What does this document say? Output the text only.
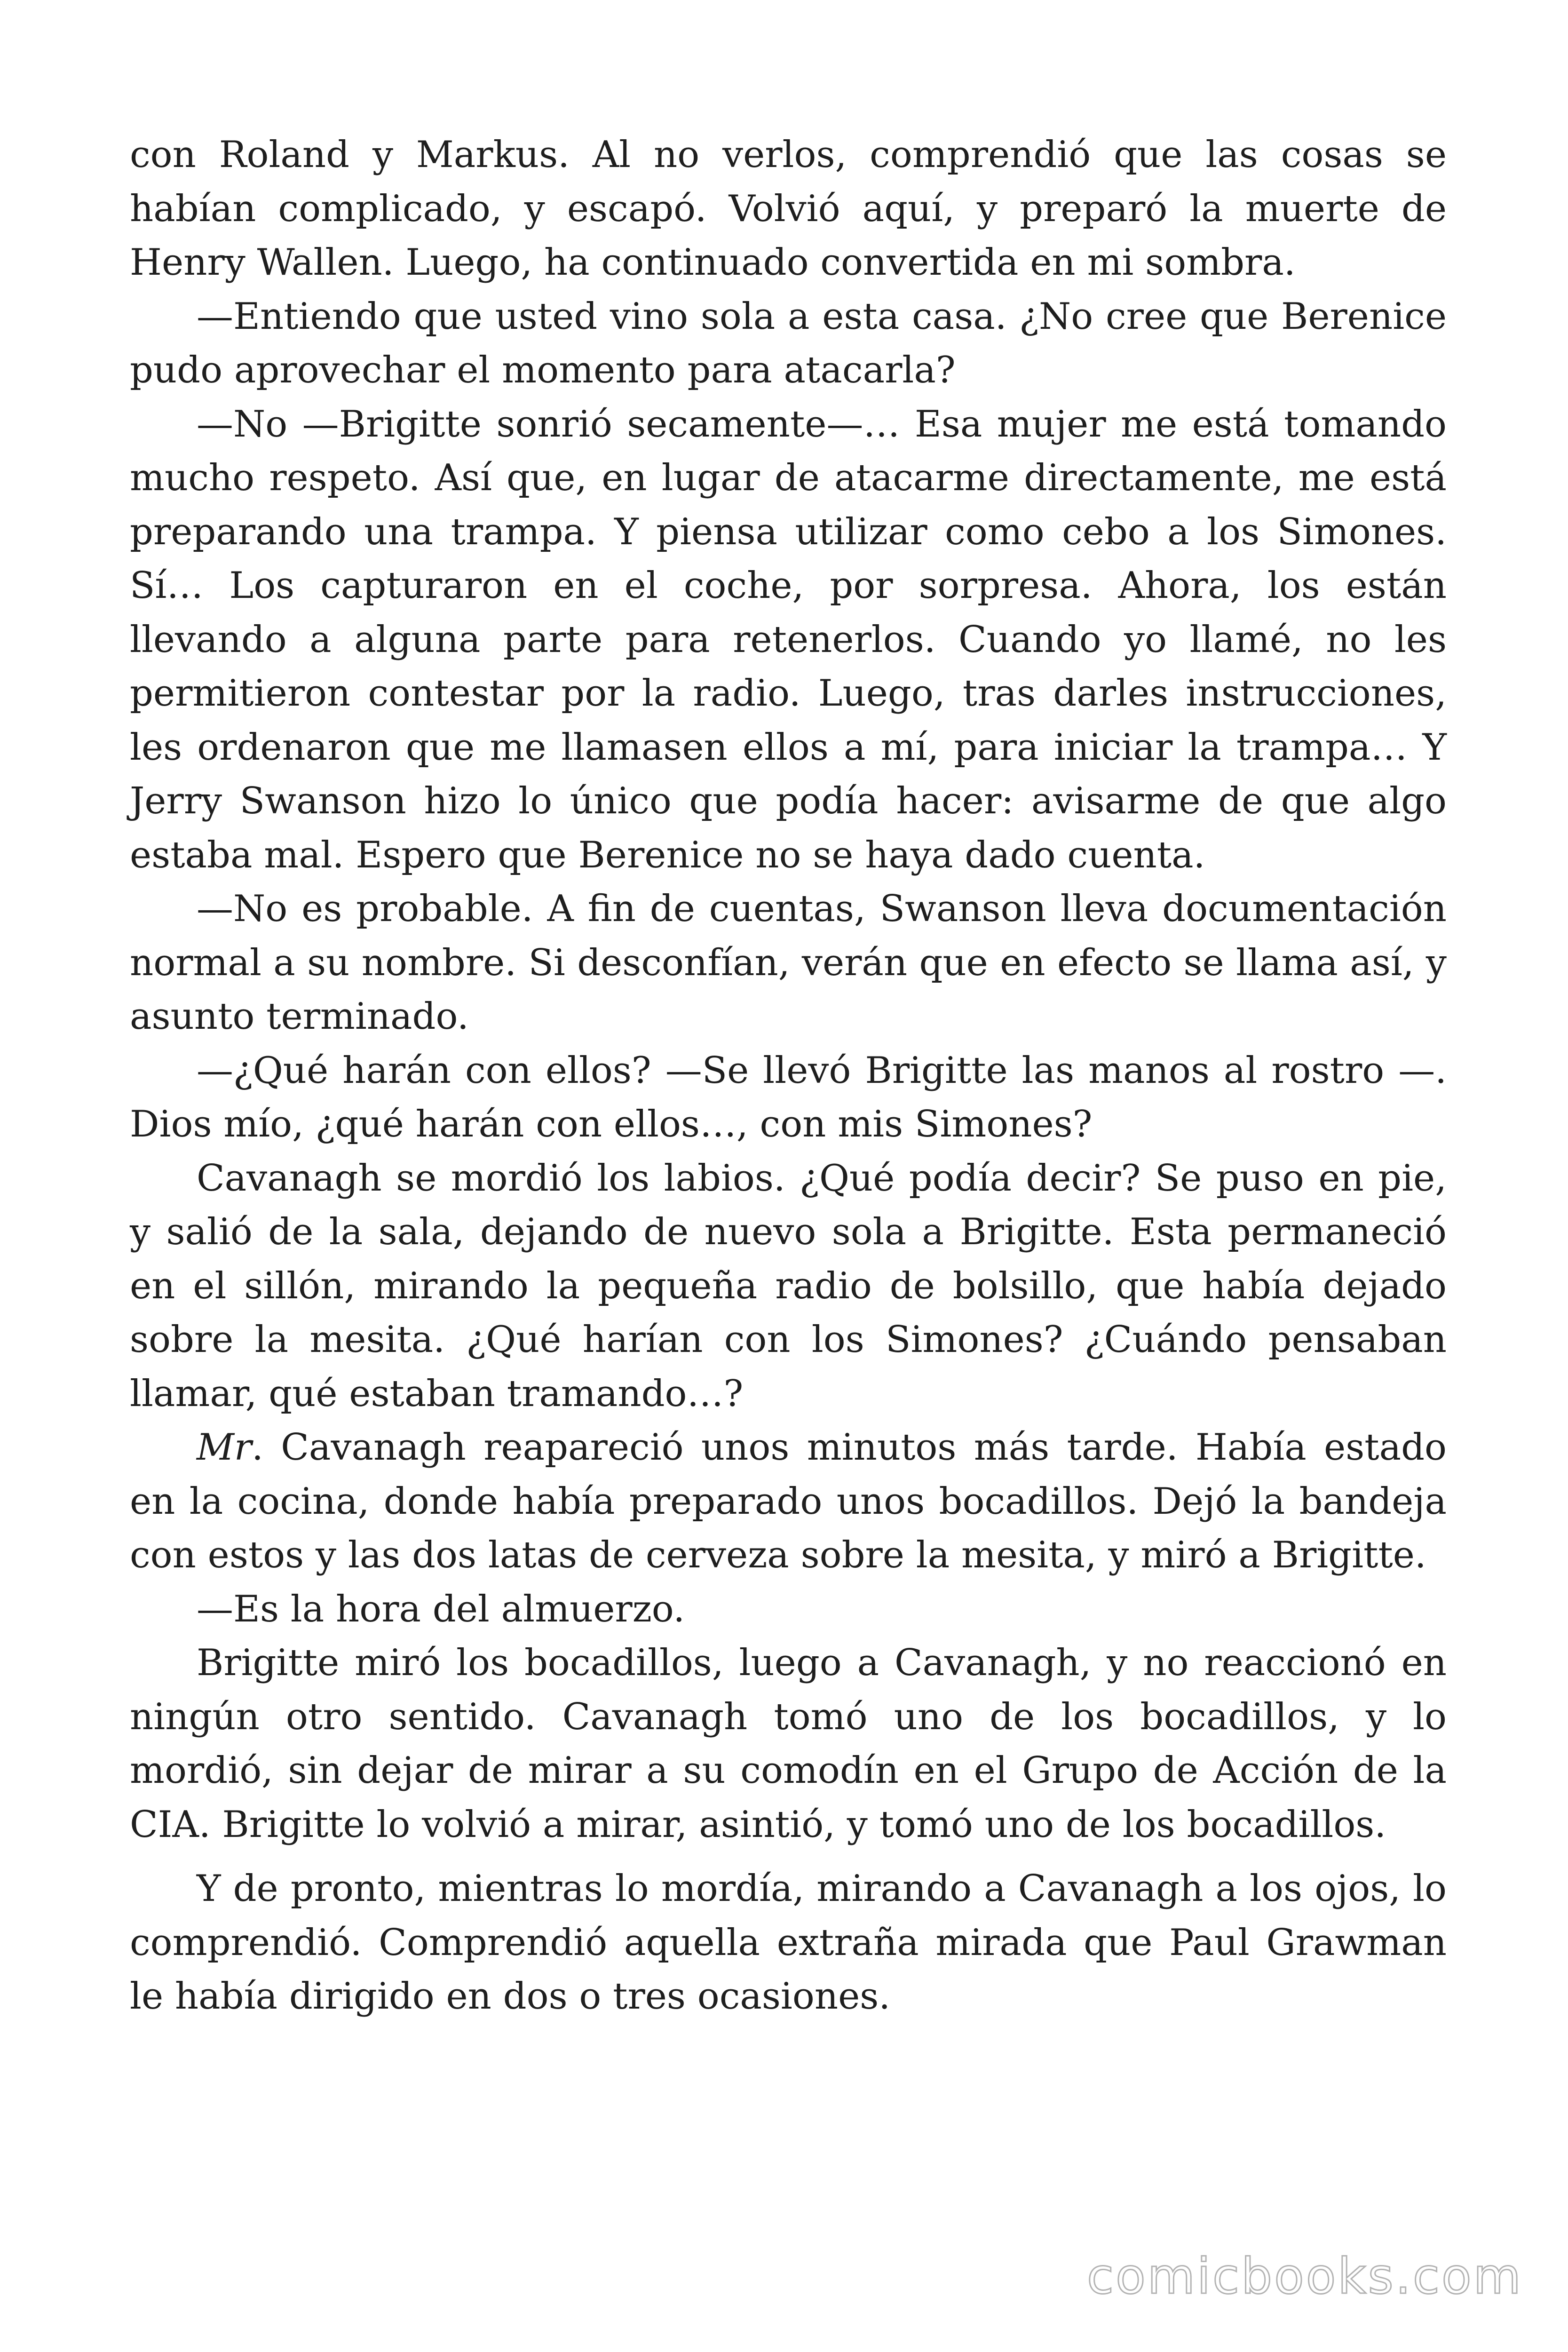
con Roland y Markus. Al no verlos, comprendió que las cosas se habían complicado, y escapó. Volvió aquí, y preparó la muerte de Henry Wallen. Luego, ha continuado convertida en mi sombra.

—Entiendo que usted vino sola a esta casa. ¿No cree que Berenice pudo aprovechar el momento para atacarla?

—No —Brigitte sonrió secamente—… Esa mujer me está tomando mucho respeto. Así que, en lugar de atacarme directamente, me está preparando una trampa. Y piensa utilizar como cebo a los Simones. Sí… Los capturaron en el coche, por sorpresa. Ahora, los están llevando a alguna parte para retenerlos. Cuando yo llamé, no les permitieron contestar por la radio. Luego, tras darles instrucciones, les ordenaron que me llamasen ellos a mí, para iniciar la trampa… Y Jerry Swanson hizo lo único que podía hacer: avisarme de que algo estaba mal. Espero que Berenice no se haya dado cuenta.

—No es probable. A fin de cuentas, Swanson lleva documentación normal a su nombre. Si desconfían, verán que en efecto se llama así, y asunto terminado.

—¿Qué harán con ellos? —Se llevó Brigitte las manos al rostro —. Dios mío, ¿qué harán con ellos…, con mis Simones?

Cavanagh se mordió los labios. ¿Qué podía decir? Se puso en pie, y salió de la sala, dejando de nuevo sola a Brigitte. Esta permaneció en el sillón, mirando la pequeña radio de bolsillo, que había dejado sobre la mesita. ¿Qué harían con los Simones? ¿Cuándo pensaban llamar, qué estaban tramando…?

Mr. Cavanagh reapareció unos minutos más tarde. Había estado en la cocina, donde había preparado unos bocadillos. Dejó la bandeja con estos y las dos latas de cerveza sobre la mesita, y miró a Brigitte.

—Es la hora del almuerzo.

Brigitte miró los bocadillos, luego a Cavanagh, y no reaccionó en ningún otro sentido. Cavanagh tomó uno de los bocadillos, y lo mordió, sin dejar de mirar a su comodín en el Grupo de Acción de la CIA. Brigitte lo volvió a mirar, asintió, y tomó uno de los bocadillos.

Y de pronto, mientras lo mordía, mirando a Cavanagh a los ojos, lo comprendió. Comprendió aquella extraña mirada que Paul Grawman le había dirigido en dos o tres ocasiones.

comicbooks.com
